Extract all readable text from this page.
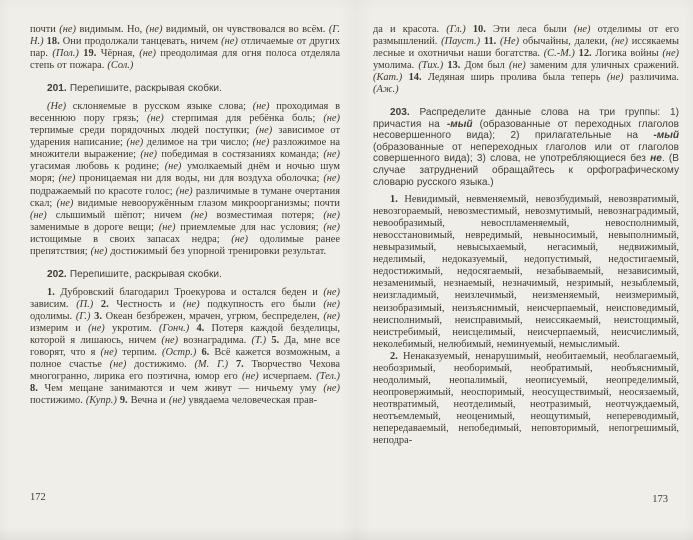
почти (не) видимым. Но, (не) видимый, он чувствовался во всём. (Г. Н.) 18. Они продолжали танцевать, ничем (не) отличаемые от других пар. (Пол.) 19. Чёрная, (не) преодолимая для огня полоса отделяла степь от пожара. (Сол.)
201. Перепишите, раскрывая скобки.
(Не) склоняемые в русском языке слова; (не) проходимая в весеннюю пору грязь; (не) стерпимая для ребёнка боль; (не) терпимые среди порядочных людей поступки; (не) зависимое от ударения написание; (не) делимое на три число; (не) разложимое на множители выражение; (не) победимая в состязаниях команда; (не) угасимая любовь к родине; (не) умолкаемый днём и ночью шум моря; (не) проницаемая ни для воды, ни для воздуха оболочка; (не) подражаемый по красоте голос; (не) различимые в тумане очертания скал; (не) видимые невооружённым глазом микроорганизмы; почти (не) слышимый шёпот; ничем (не) возместимая потеря; (не) заменимые в дороге вещи; (не) приемлемые для нас условия; (не) истощимые в своих запасах недра; (не) одолимые ранее препятствия; (не) достижимый без упорной тренировки результат.
202. Перепишите, раскрывая скобки.
1. Дубровский благодарил Троекурова и остался беден и (не) зависим. (П.) 2. Честность и (не) подкупность его были (не) одолимы. (Г.) 3. Океан безбрежен, мрачен, угрюм, беспределен, (не) измерим и (не) укротим. (Гонч.) 4. Потеря каждой безделицы, которой я лишаюсь, ничем (не) вознаградима. (Т.) 5. Да, мне все говорят, что я (не) терпим. (Остр.) 6. Всё кажется возможным, а полное счастье (не) достижимо. (М. Г.) 7. Творчество Чехова многогранно, лирика его поэтична, юмор его (не) исчерпаем. (Тел.) 8. Чем мещане занимаются и чем живут — ничьему уму (не) постижимо. (Купр.) 9. Вечна и (не) увядаема человеческая прав-
да и красота. (Гл.) 10. Эти леса были (не) отделимы от его размышлений. (Пауст.) 11. (Не) обычайны, далеки, (не) иссякаемы лесные и охотничьи наши богатства. (С.-М.) 12. Логика войны (не) умолима. (Тих.) 13. Дом был (не) заменим для уличных сражений. (Кат.) 14. Ледяная ширь пролива была теперь (не) различима. (Аж.)
203. Распределите данные слова на три группы: 1) причастия на -мый (образованные от переходных глаголов несовершенного вида); 2) прилагательные на -мый (образованные от непереходных глаголов или от глаголов совершенного вида); 3) слова, не употребляющиеся без не. (В случае затруднений обращайтесь к орфографическому словарю русского языка.)
1. Невидимый, невменяемый, невозбудимый, невозвратимый, невозгораемый, невозместимый, невозмутимый, невознаградимый, невообразимый, невоспламеняемый, невосполнимый, невосстановимый, невредимый, невыносимый, невыполнимый, невыразимый, невысыхаемый, негасимый, недвижимый, неделимый, недоказуемый, недопустимый, недостигаемый, недостижимый, недосягаемый, незабываемый, независимый, незаменимый, незнаемый, незначимый, незримый, незыблемый, неизгладимый, неизлечимый, неизменяемый, неизмеримый, неизобразимый, неизъяснимый, неисчерпаемый, неисповедимый, неисполнимый, неисправимый, неиссякаемый, неистощимый, неистребимый, неисцелимый, неисчерпаемый, неисчислимый, неколебимый, нелюбимый, неминуемый, немыслимый.
2. Ненаказуемый, ненарушимый, необитаемый, необлагаемый, необозримый, необоримый, необратимый, необъяснимый, неодолимый, неопалимый, неописуемый, неопределимый, неопровержимый, неоспоримый, неосуществимый, неосязаемый, неотвратимый, неотделимый, неотразимый, неотчуждаемый, неотъемлемый, неоценимый, неощутимый, непереводимый, непередаваемый, непобедимый, неповторимый, непогрешимый, неподра-
172	173
